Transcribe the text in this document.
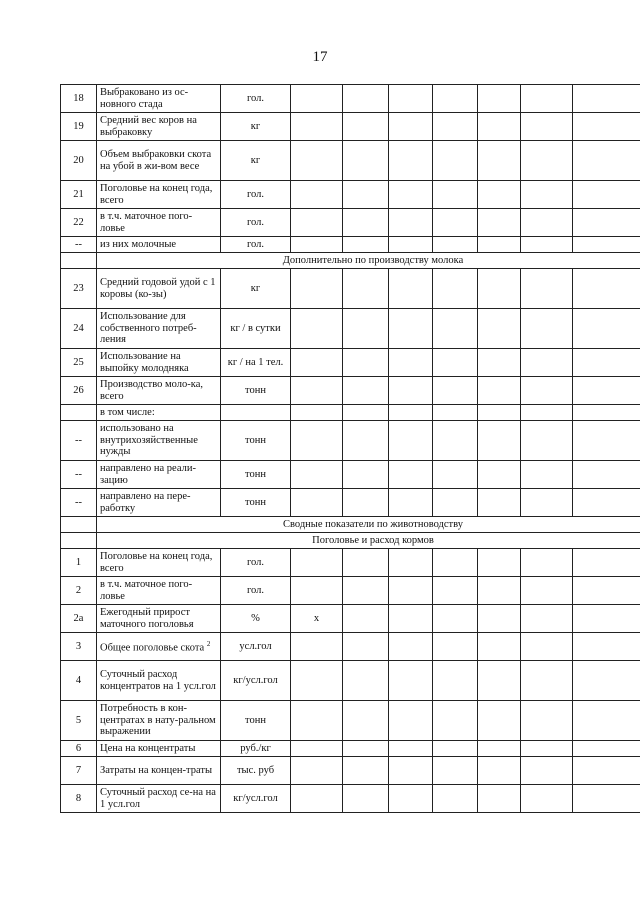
17
18	Выбраковано из ос-новного стада	гол.							
19	Средний вес коров на выбраковку	кг							
20	Объем выбраковки скота на убой в жи-вом весе	кг							
21	Поголовье на конец года, всего	гол.							
22	в т.ч. маточное пого-ловье	гол.							
--	из них молочные	гол.							
	Дополнительно по производству молока								
23	Средний годовой удой с 1 коровы (ко-зы)	кг							
24	Использование для собственного потреб-ления	кг / в сутки							
25	Использование на выпойку молодняка	кг / на 1 тел.							
26	Производство моло-ка, всего	тонн							
	в том числе:								
--	использовано на внутрихозяйственные нужды	тонн							
--	направлено на реали-зацию	тонн							
--	направлено на пере-работку	тонн							
	Сводные показатели по животноводству								
	Поголовье и расход кормов								
1	Поголовье на конец года, всего	гол.							
2	в т.ч. маточное пого-ловье	гол.							
2а	Ежегодный прирост маточного поголовья	%	х						
3	Общее поголовье скота $^2$	усл.гол							
4	Суточный расход концентратов на 1 усл.гол	кг/усл.гол							
5	Потребность в кон-центратах в нату-ральном выражении	тонн							
6	Цена на концентраты	руб./кг							
7	Затраты на концен-траты	тыс. руб							
8	Суточный расход се-на на 1 усл.гол	кг/усл.гол							
